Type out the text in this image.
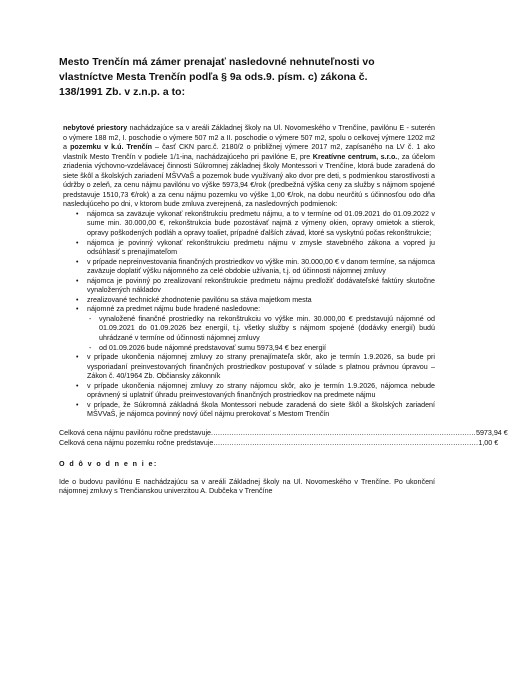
Mesto Trenčín má zámer prenajať nasledovné nehnuteľnosti vo
vlastníctve Mesta Trenčín podľa § 9a ods.9. písm. c) zákona č.
138/1991 Zb. v z.n.p. a to:

nebytové priestory nachádzajúce sa v areáli Základnej školy na Ul. Novomeského v Trenčíne, pavilónu E - suterén o výmere 188 m2, I. poschodie o výmere 507 m2 a II. poschodie o výmere 507 m2, spolu o celkovej výmere 1202 m2 a pozemku v k.ú. Trenčín – časť CKN parc.č. 2180/2 o približnej výmere 2017 m2, zapísaného na LV č. 1 ako vlastník Mesto Trenčín v podiele 1/1-ina, nachádzajúceho pri pavilóne E, pre Kreatívne centrum, s.r.o., za účelom zriadenia výchovno-vzdelávacej činnosti Súkromnej základnej školy Montessori v Trenčíne, ktorá bude zaradená do siete škôl a školských zariadení MŠVVaŠ a pozemok bude využívaný ako dvor pre deti, s podmienkou starostlivosti a údržby o zeleň, za cenu nájmu pavilónu vo výške 5973,94 €/rok (predbežná výška ceny za služby s nájmom spojené predstavuje 1510,73 €/rok) a za cenu nájmu pozemku vo výške 1,00 €/rok, na dobu neurčitú s účinnosťou odo dňa nasledujúceho po dni, v ktorom bude zmluva zverejnená, za nasledovných podmienok:

• nájomca sa zaväzuje vykonať rekonštrukciu predmetu nájmu, a to v termíne od 01.09.2021 do 01.09.2022 v sume min. 30.000,00 €, rekonštrukcia bude pozostávať najmä z výmeny okien, opravy omietok a stierok, opravy poškodených podláh a opravy toaliet, prípadné ďalších závad, ktoré sa vyskytnú počas rekonštrukcie;
• nájomca je povinný vykonať rekonštrukciu predmetu nájmu v zmysle stavebného zákona a vopred ju odsúhlasiť s prenajímateľom
• v prípade nepreinvestovania finančných prostriedkov vo výške min. 30.000,00 € v danom termíne, sa nájomca zaväzuje doplatiť výšku nájomného za celé obdobie užívania, t.j. od účinnosti nájomnej zmluvy
• nájomca je povinný po zrealizovaní rekonštrukcie predmetu nájmu predložiť dodávateľské faktúry skutočne vynaložených nákladov
• zrealizované technické zhodnotenie pavilónu sa stáva majetkom mesta
• nájomné za predmet nájmu bude hradené nasledovne:
- vynaložené finančné prostriedky na rekonštrukciu vo výške min. 30.000,00 € predstavujú nájomné od 01.09.2021 do 01.09.2026 bez energií, t.j. všetky služby s nájmom spojené (dodávky energií) budú uhrádzané v termíne od účinnosti nájomnej zmluvy
- od 01.09.2026 bude nájomné predstavovať sumu 5973,94 € bez energií
• v prípade ukončenia nájomnej zmluvy zo strany prenajímateľa skôr, ako je termín 1.9.2026, sa bude pri vysporiadaní preinvestovaných finančných prostriedkov postupovať v súlade s platnou právnou úpravou – Zákon č. 40/1964 Zb. Občiansky zákonník
• v prípade ukončenia nájomnej zmluvy zo strany nájomcu skôr, ako je termín 1.9.2026, nájomca nebude oprávnený si uplatniť úhradu preinvestovaných finančných prostriedkov na predmete nájmu
• v prípade, že Súkromná základná škola Montessori nebude zaradená do siete škôl a školských zariadení MŠVVaŠ, je nájomca povinný nový účel nájmu prerokovať s Mestom Trenčín
Celková cena nájmu pavilónu ročne predstavuje .................................................................................................................... 5973,94 €
Celková cena nájmu pozemku ročne predstavuje .................................................................................................................... 1,00 €

O d ô v o d n e n i e:

Ide o budovu pavilónu E nachádzajúcu sa v areáli Základnej školy na Ul. Novomeského v Trenčíne. Po ukončení nájomnej zmluvy s Trenčianskou univerzitou A. Dubčeka v Trenčíne
